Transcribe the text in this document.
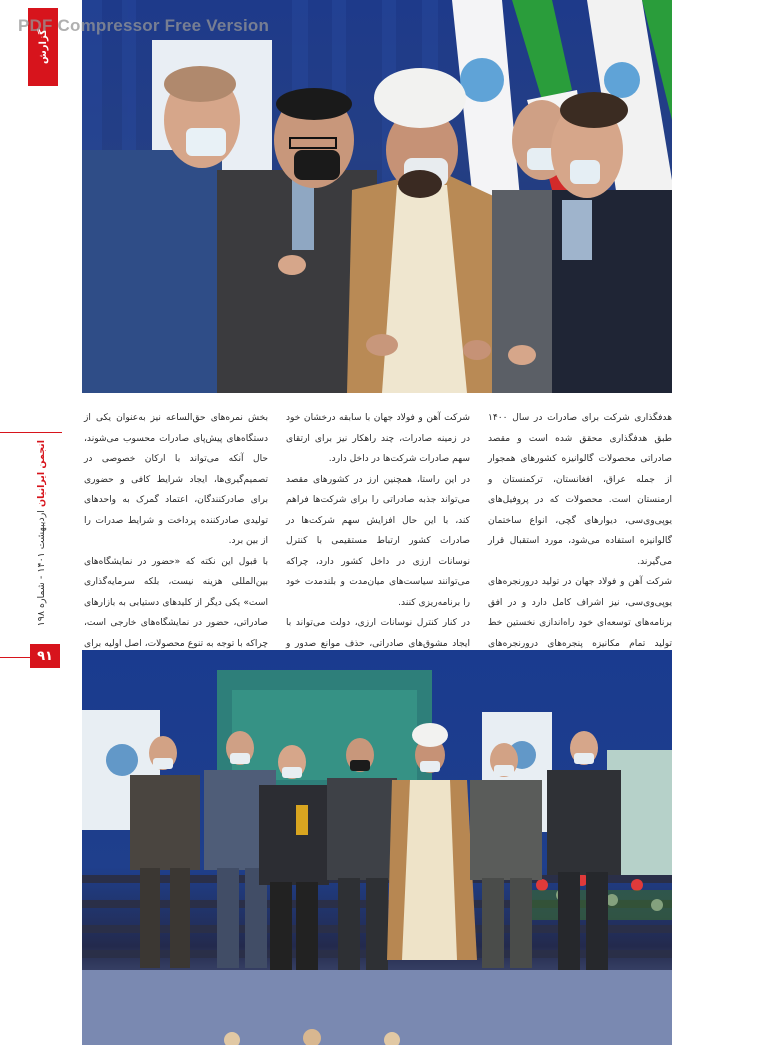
PDF Compressor Free Version
گزارش
انجمن ایرانیان اردیبهشت ۱۴۰۱ - شماره ۱۹۸
۹۱

هدفگذاری شرکت برای صادرات در سال ۱۴۰۰ طبق هدفگذاری محقق شده است و مقصد صادراتی محصولات گالوانیزه کشورهای همجوار از جمله عراق، افغانستان، ترکمنستان و ارمنستان است. محصولات که در پروفیل‌های یوپی‌وی‌سی، دیوارهای گچی، انواع ساختمان گالوانیزه استفاده می‌شود، مورد استقبال قرار می‌گیرند.

شرکت آهن و فولاد جهان در تولید درورنجره‌های یوپی‌وی‌سی، نیز اشراف کامل دارد و در افق برنامه‌های توسعه‌ای خود راه‌اندازی نخستین خط تولید تمام مکانیزه پنجره‌های درورنجره‌های

شرکت آهن و فولاد جهان با سابقه درخشان خود در زمینه صادرات، چند راهکار نیز برای ارتقای سهم صادرات شرکت‌ها در داخل دارد.

در این راستا، همچنین ارز در کشورهای مقصد می‌تواند جذبه صادراتی را برای شرکت‌ها فراهم کند، با این حال افزایش سهم شرکت‌ها در صادرات کشور ارتباط مستقیمی با کنترل نوسانات ارزی در داخل کشور دارد، چراکه می‌توانند سیاست‌های میان‌مدت و بلندمدت خود را برنامه‌ریزی کنند.

در کنار کنترل نوسانات ارزی، دولت می‌تواند با ایجاد مشوق‌های صادراتی، حذف موانع صدور و

بخش نمره‌های حق‌الساعه نیز به‌عنوان یکی از دستگاه‌های پیش‌پای صادرات محسوب می‌شوند، حال آنکه می‌تواند با ارکان خصوصی در تصمیم‌گیری‌ها، ایجاد شرایط کافی و حضوری برای صادرکنندگان، اعتماد گمرک به واحدهای تولیدی صادرکننده پرداخت و شرایط صدرات را از بین برد.

با قبول این نکته که «حضور در نمایشگاه‌های بین‌المللی هزینه نیست، بلکه سرمایه‌گذاری است» یکی دیگر از کلیدهای دستیابی به بازارهای صادراتی، حضور در نمایشگاه‌های خارجی است، چراکه با توجه به تنوع محصولات، اصل اولیه برای
